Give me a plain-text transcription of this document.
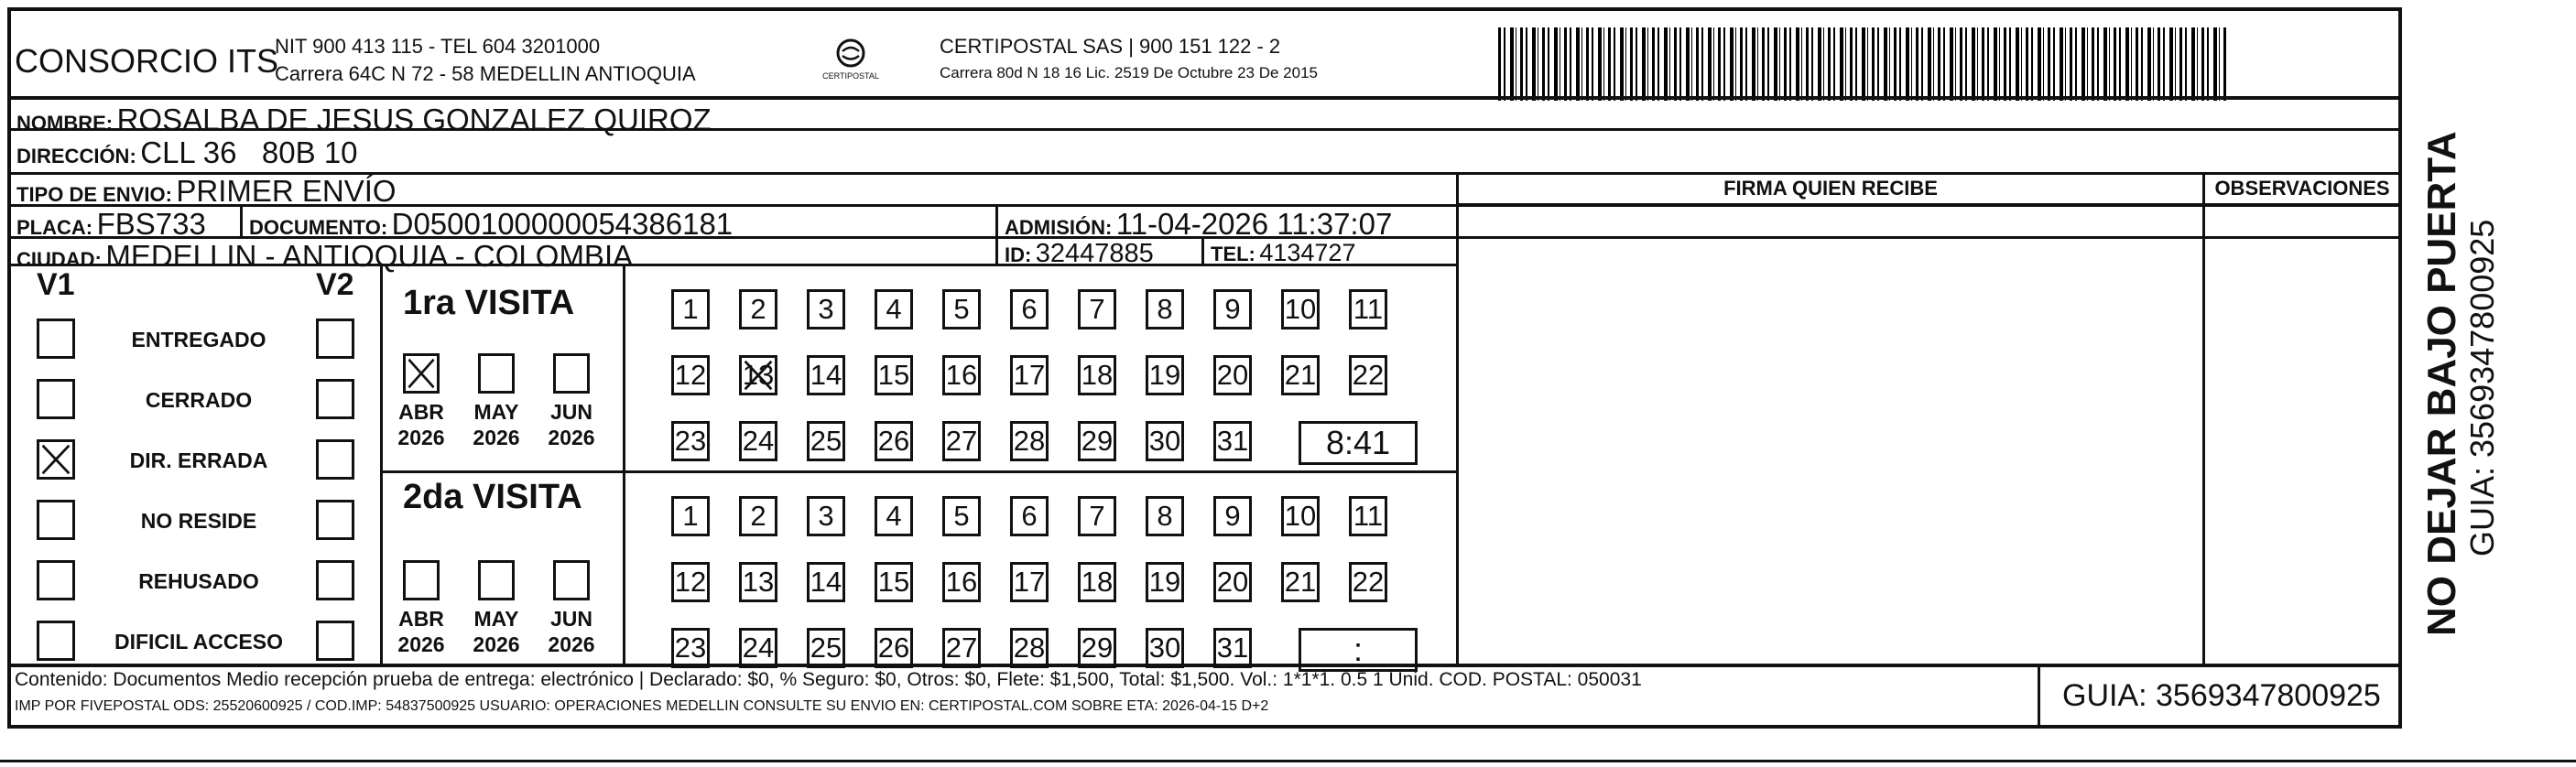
CONSORCIO ITS
NIT 900 413 115 - TEL 604 3201000
Carrera 64C N 72 - 58 MEDELLIN ANTIOQUIA	CERTIPOSTAL
CERTIPOSTAL SAS | 900 151 122 - 2
Carrera 80d N 18 16 Lic. 2519 De Octubre 23 De 2015
NOMBRE: ROSALBA DE JESUS GONZALEZ QUIROZ
DIRECCIÓN: CLL 36   80B 10
TIPO DE ENVIO: PRIMER ENVÍO
PLACA: FBS733 DOCUMENTO: D0500100000054386181	ADMISIÓN: 11-04-2026 11:37:07
CIUDAD: MEDELLIN - ANTIOQUIA - COLOMBIA	ID: 32447885	TEL: 4134727
FIRMA QUIEN RECIBE	OBSERVACIONES
V1	V2
ENTREGADO
CERRADO
DIR. ERRADA
NO RESIDE
REHUSADO
DIFICIL ACCESO
1ra VISITA
2da VISITA
ABR
2026
MAY
2026
JUN
2026
1 2 3 4 5 6 7 8 9 10 11
12 13 14 15 16 17 18 19 20 21 22
23 24 25 26 27 28 29 30 31 8:41
ABR
2026
MAY
2026
JUN
2026
1 2 3 4 5 6 7 8 9 10 11
12 13 14 15 16 17 18 19 20 21 22
23 24 25 26 27 28 29 30 31	:
Contenido: Documentos Medio recepción prueba de entrega: electrónico | Declarado: $0, % Seguro: $0, Otros: $0, Flete: $1,500, Total: $1,500. Vol.: 1*1*1. 0.5 1 Unid. COD. POSTAL: 050031
IMP POR FIVEPOSTAL ODS: 25520600925 / COD.IMP: 54837500925 USUARIO: OPERACIONES MEDELLIN CONSULTE SU ENVIO EN: CERTIPOSTAL.COM SOBRE ETA: 2026-04-15 D+2	GUIA: 3569347800925
NO DEJAR BAJO PUERTA GUIA: 3569347800925
